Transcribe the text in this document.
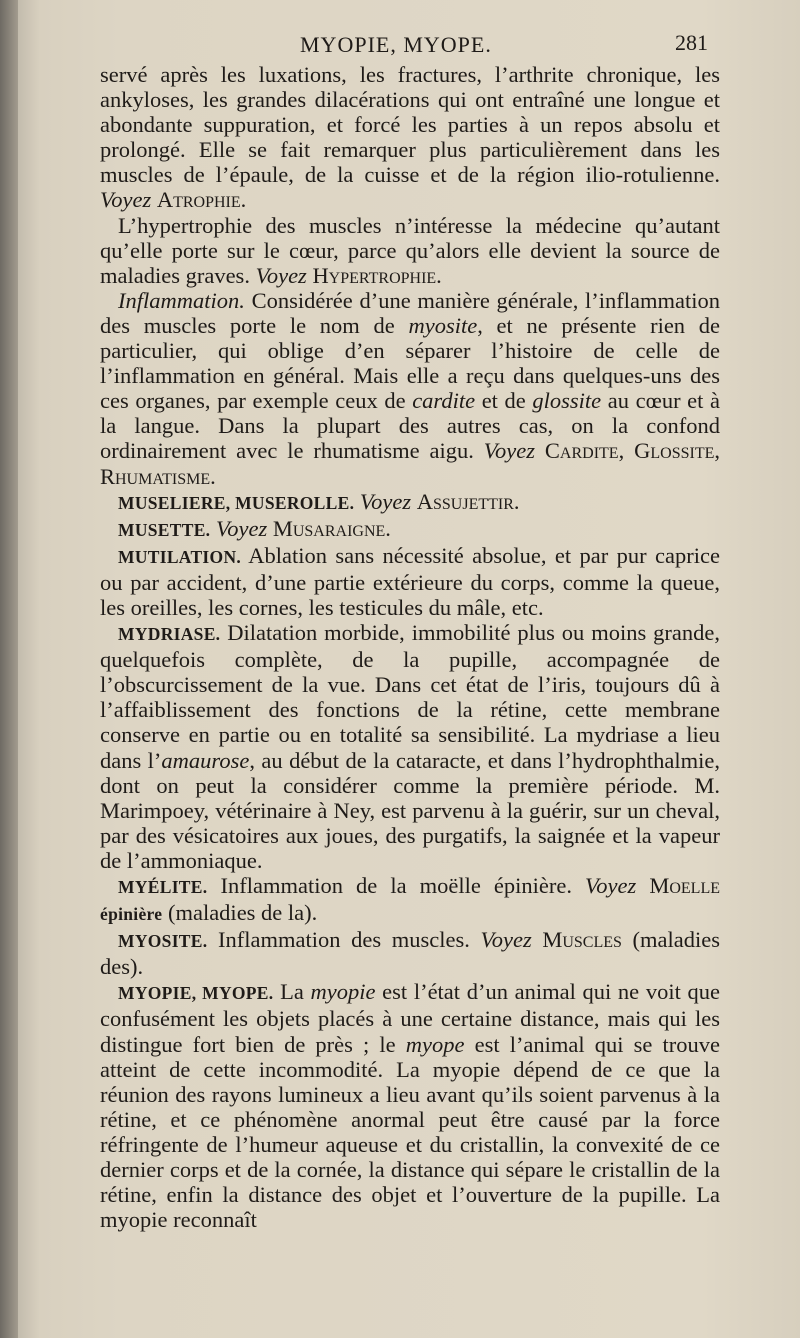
MYOPIE, MYOPE.	281

servé après les luxations, les fractures, l’arthrite chronique, les ankyloses, les grandes dilacérations qui ont entraîné une longue et abondante suppuration, et forcé les parties à un repos absolu et prolongé. Elle se fait remarquer plus particulièrement dans les muscles de l’épaule, de la cuisse et de la région ilio-rotulienne. Voyez Atrophie.

L’hypertrophie des muscles n’intéresse la médecine qu’autant qu’elle porte sur le cœur, parce qu’alors elle devient la source de maladies graves. Voyez Hypertrophie.

Inflammation. Considérée d’une manière générale, l’inflammation des muscles porte le nom de myosite, et ne présente rien de particulier, qui oblige d’en séparer l’histoire de celle de l’inflammation en général. Mais elle a reçu dans quelques-uns des ces organes, par exemple ceux de cardite et de glossite au cœur et à la langue. Dans la plupart des autres cas, on la confond ordinairement avec le rhumatisme aigu. Voyez Cardite, Glossite, Rhumatisme.

MUSELIERE, MUSEROLLE. Voyez Assujettir.

MUSETTE. Voyez Musaraigne.

MUTILATION. Ablation sans nécessité absolue, et par pur caprice ou par accident, d’une partie extérieure du corps, comme la queue, les oreilles, les cornes, les testicules du mâle, etc.

MYDRIASE. Dilatation morbide, immobilité plus ou moins grande, quelquefois complète, de la pupille, accompagnée de l’obscurcissement de la vue. Dans cet état de l’iris, toujours dû à l’affaiblissement des fonctions de la rétine, cette membrane conserve en partie ou en totalité sa sensibilité. La mydriase a lieu dans l’amaurose, au début de la cataracte, et dans l’hydrophthalmie, dont on peut la considérer comme la première période. M. Marimpoey, vétérinaire à Ney, est parvenu à la guérir, sur un cheval, par des vésicatoires aux joues, des purgatifs, la saignée et la vapeur de l’ammoniaque.

MYÉLITE. Inflammation de la moëlle épinière. Voyez Moelle épinière (maladies de la).

MYOSITE. Inflammation des muscles. Voyez Muscles (maladies des).

MYOPIE, MYOPE. La myopie est l’état d’un animal qui ne voit que confusément les objets placés à une certaine distance, mais qui les distingue fort bien de près ; le myope est l’animal qui se trouve atteint de cette incommodité. La myopie dépend de ce que la réunion des rayons lumineux a lieu avant qu’ils soient parvenus à la rétine, et ce phénomène anormal peut être causé par la force réfringente de l’humeur aqueuse et du cristallin, la convexité de ce dernier corps et de la cornée, la distance qui sépare le cristallin de la rétine, enfin la distance des objet et l’ouverture de la pupille. La myopie reconnaît
